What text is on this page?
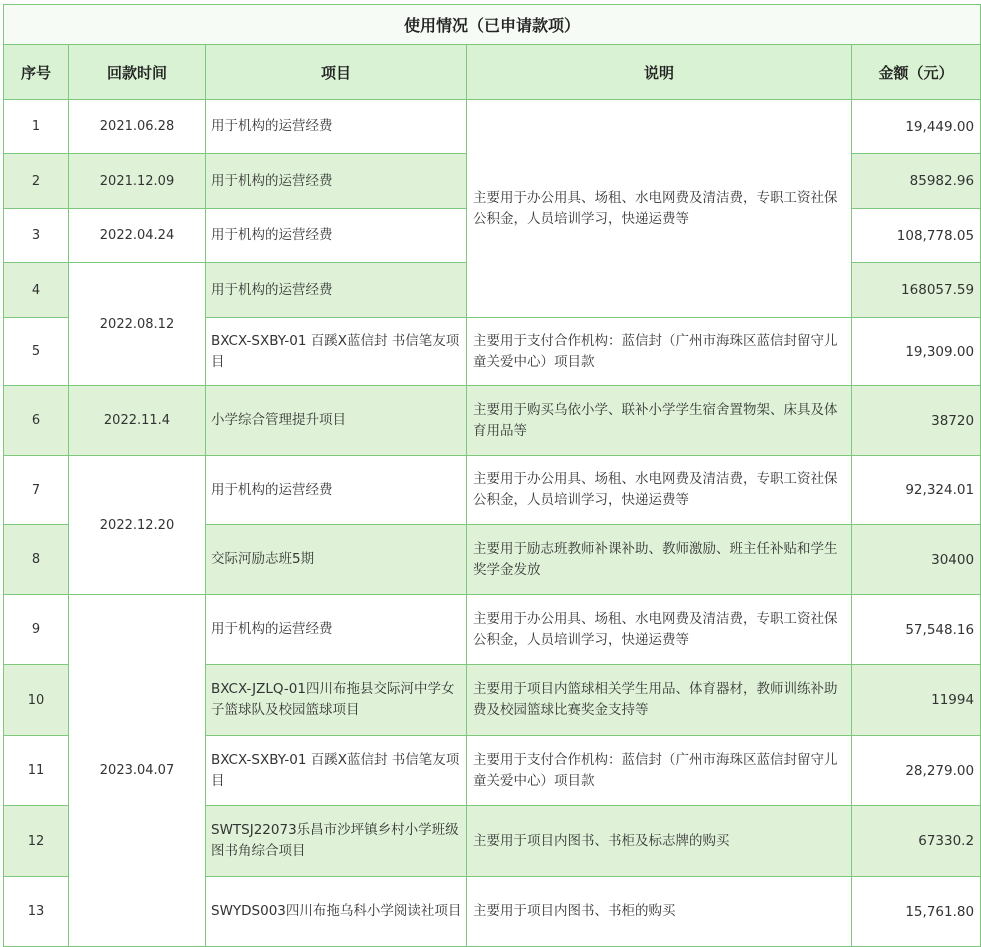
使用情况（已申请款项）				
序号	回款时间	项目	说明	金额（元）
1	2021.06.28	用于机构的运营经费	主要用于办公用具、场租、水电网费及清洁费，专职工资社保公积金，人员培训学习，快递运费等	19,449.00
2	2021.12.09	用于机构的运营经费		85982.96
3	2022.04.24	用于机构的运营经费		108,778.05
4	2022.08.12	用于机构的运营经费		168057.59
5		BXCX-SXBY-01 百蹊X蓝信封 书信笔友项目	主要用于支付合作机构：蓝信封（广州市海珠区蓝信封留守儿童关爱中心）项目款	19,309.00
6	2022.11.4	小学综合管理提升项目	主要用于购买乌依小学、联补小学学生宿舍置物架、床具及体育用品等	38720
7	2022.12.20	用于机构的运营经费	主要用于办公用具、场租、水电网费及清洁费，专职工资社保公积金，人员培训学习，快递运费等	92,324.01
8		交际河励志班5期	主要用于励志班教师补课补助、教师激励、班主任补贴和学生奖学金发放	30400
9	2023.04.07	用于机构的运营经费	主要用于办公用具、场租、水电网费及清洁费，专职工资社保公积金，人员培训学习，快递运费等	57,548.16
10		BXCX-JZLQ-01四川布拖县交际河中学女子篮球队及校园篮球项目	主要用于项目内篮球相关学生用品、体育器材，教师训练补助费及校园篮球比赛奖金支持等	11994
11		BXCX-SXBY-01 百蹊X蓝信封 书信笔友项目	主要用于支付合作机构：蓝信封（广州市海珠区蓝信封留守儿童关爱中心）项目款	28,279.00
12		SWTSJ22073乐昌市沙坪镇乡村小学班级图书角综合项目	主要用于项目内图书、书柜及标志牌的购买	67330.2
13		SWYDS003四川布拖乌科小学阅读社项目	主要用于项目内图书、书柜的购买	15,761.80
